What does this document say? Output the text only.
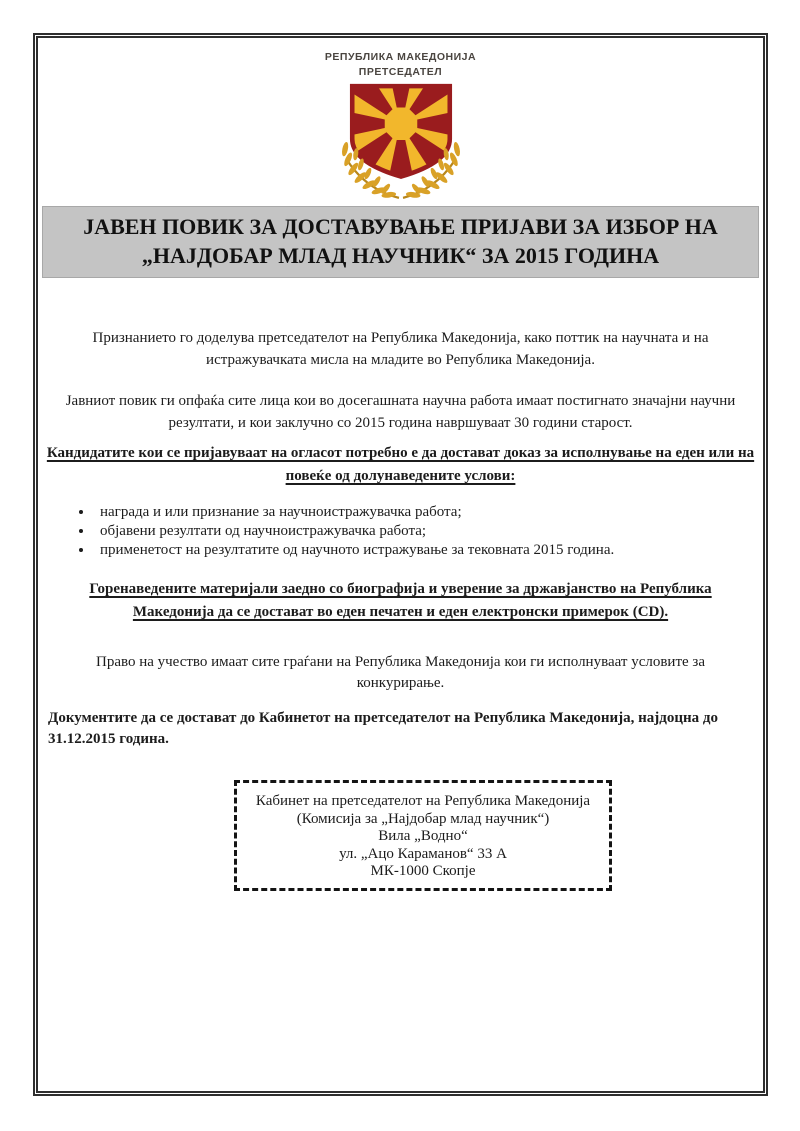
РЕПУБЛИКА МАКЕДОНИЈА
ПРЕТСЕДАТЕЛ
ЈАВЕН ПОВИК ЗА ДОСТАВУВАЊЕ ПРИЈАВИ ЗА ИЗБОР НА
„НАЈДОБАР МЛАД НАУЧНИК“ ЗА 2015 ГОДИНА

Признанието го доделува претседателот на Република Македонија, како поттик на научната и на истражувачката мисла на младите во Република Македонија.

Јавниот повик ги опфаќа сите лица кои во досегашната научна работа имаат постигнато значајни научни резултати, и кои заклучно со 2015 година навршуваат 30 години старост.

Кандидатите кои се пријавуваат на огласот потребно е да достават доказ за исполнување на еден или на повеќе од долунаведените услови:

• награда и или признание за научноистражувачка работа;
• објавени резултати од научноистражувачка работа;
• применетост на резултатите од научното истражување за тековната 2015 година.

Горенаведените материјали заедно со биографија и уверение за државјанство на Република Македонија да се достават во еден печатен и еден електронски примерок (CD).

Право на учество имаат сите граѓани на Република Македонија кои ги исполнуваат условите за конкурирање.

Документите да се достават до Кабинетот на претседателот на Република Македонија, најдоцна до 31.12.2015 година.

Кабинет на претседателот на Република Македонија
(Комисија за „Најдобар млад научник“)
Вила „Водно“
ул. „Ацо Караманов“ 33 А
МК-1000 Скопје
